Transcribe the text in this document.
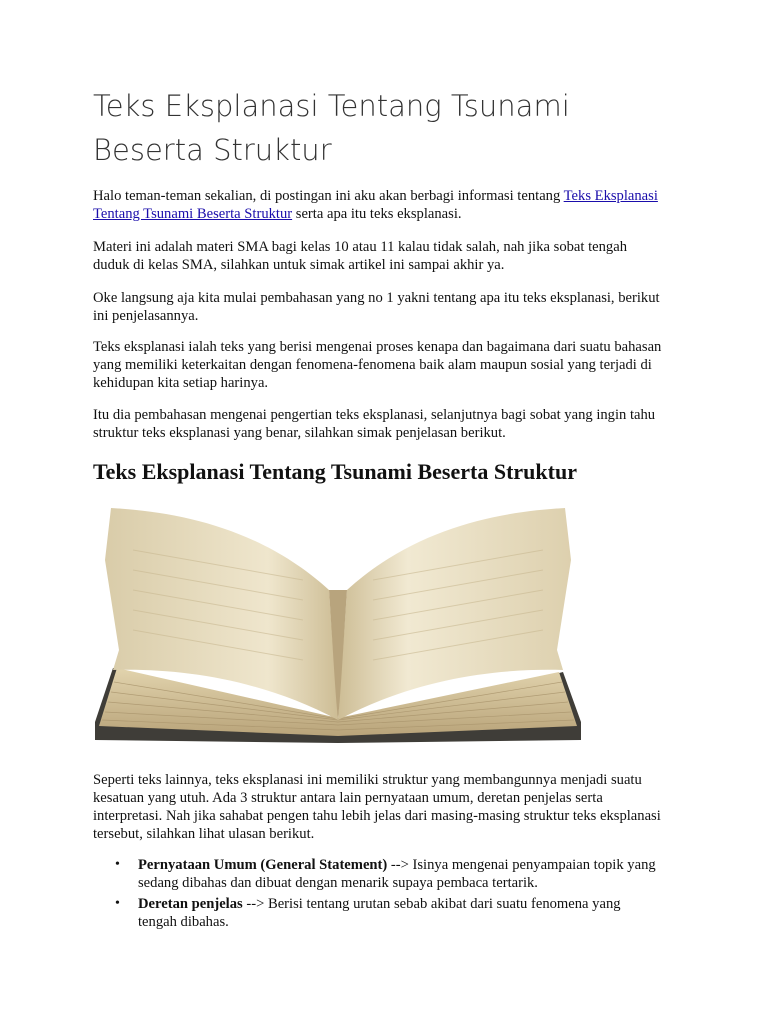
Teks Eksplanasi Tentang Tsunami Beserta Struktur

Halo teman-teman sekalian, di postingan ini aku akan berbagi informasi tentang Teks Eksplanasi Tentang Tsunami Beserta Struktur serta apa itu teks eksplanasi.

Materi ini adalah materi SMA bagi kelas 10 atau 11 kalau tidak salah, nah jika sobat tengah duduk di kelas SMA, silahkan untuk simak artikel ini sampai akhir ya.

Oke langsung aja kita mulai pembahasan yang no 1 yakni tentang apa itu teks eksplanasi, berikut ini penjelasannya.

Teks eksplanasi ialah teks yang berisi mengenai proses kenapa dan bagaimana dari suatu bahasan yang memiliki keterkaitan dengan fenomena-fenomena baik alam maupun sosial yang terjadi di kehidupan kita setiap harinya.

Itu dia pembahasan mengenai pengertian teks eksplanasi, selanjutnya bagi sobat yang ingin tahu struktur teks eksplanasi yang benar, silahkan simak penjelasan berikut.

Teks Eksplanasi Tentang Tsunami Beserta Struktur

Seperti teks lainnya, teks eksplanasi ini memiliki struktur yang membangunnya menjadi suatu kesatuan yang utuh. Ada 3 struktur antara lain pernyataan umum, deretan penjelas serta interpretasi. Nah jika sahabat pengen tahu lebih jelas dari masing-masing struktur teks eksplanasi tersebut, silahkan lihat ulasan berikut.

• Pernyataan Umum (General Statement) --> Isinya mengenai penyampaian topik yang sedang dibahas dan dibuat dengan menarik supaya pembaca tertarik.
• Deretan penjelas --> Berisi tentang urutan sebab akibat dari suatu fenomena yang tengah dibahas.
